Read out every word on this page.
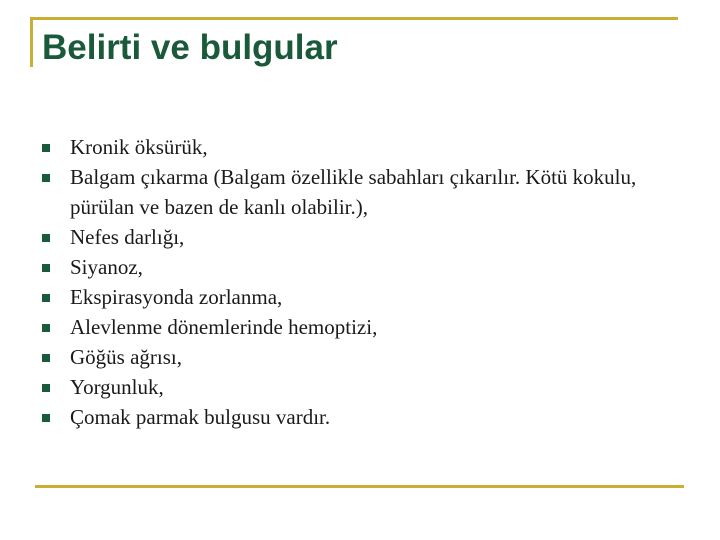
Belirti ve bulgular
Kronik öksürük,
Balgam çıkarma (Balgam özellikle sabahları çıkarılır. Kötü kokulu, pürülan ve bazen de kanlı olabilir.),
Nefes darlığı,
Siyanoz,
Ekspirasyonda zorlanma,
Alevlenme dönemlerinde hemoptizi,
Göğüs ağrısı,
Yorgunluk,
Çomak parmak bulgusu vardır.
